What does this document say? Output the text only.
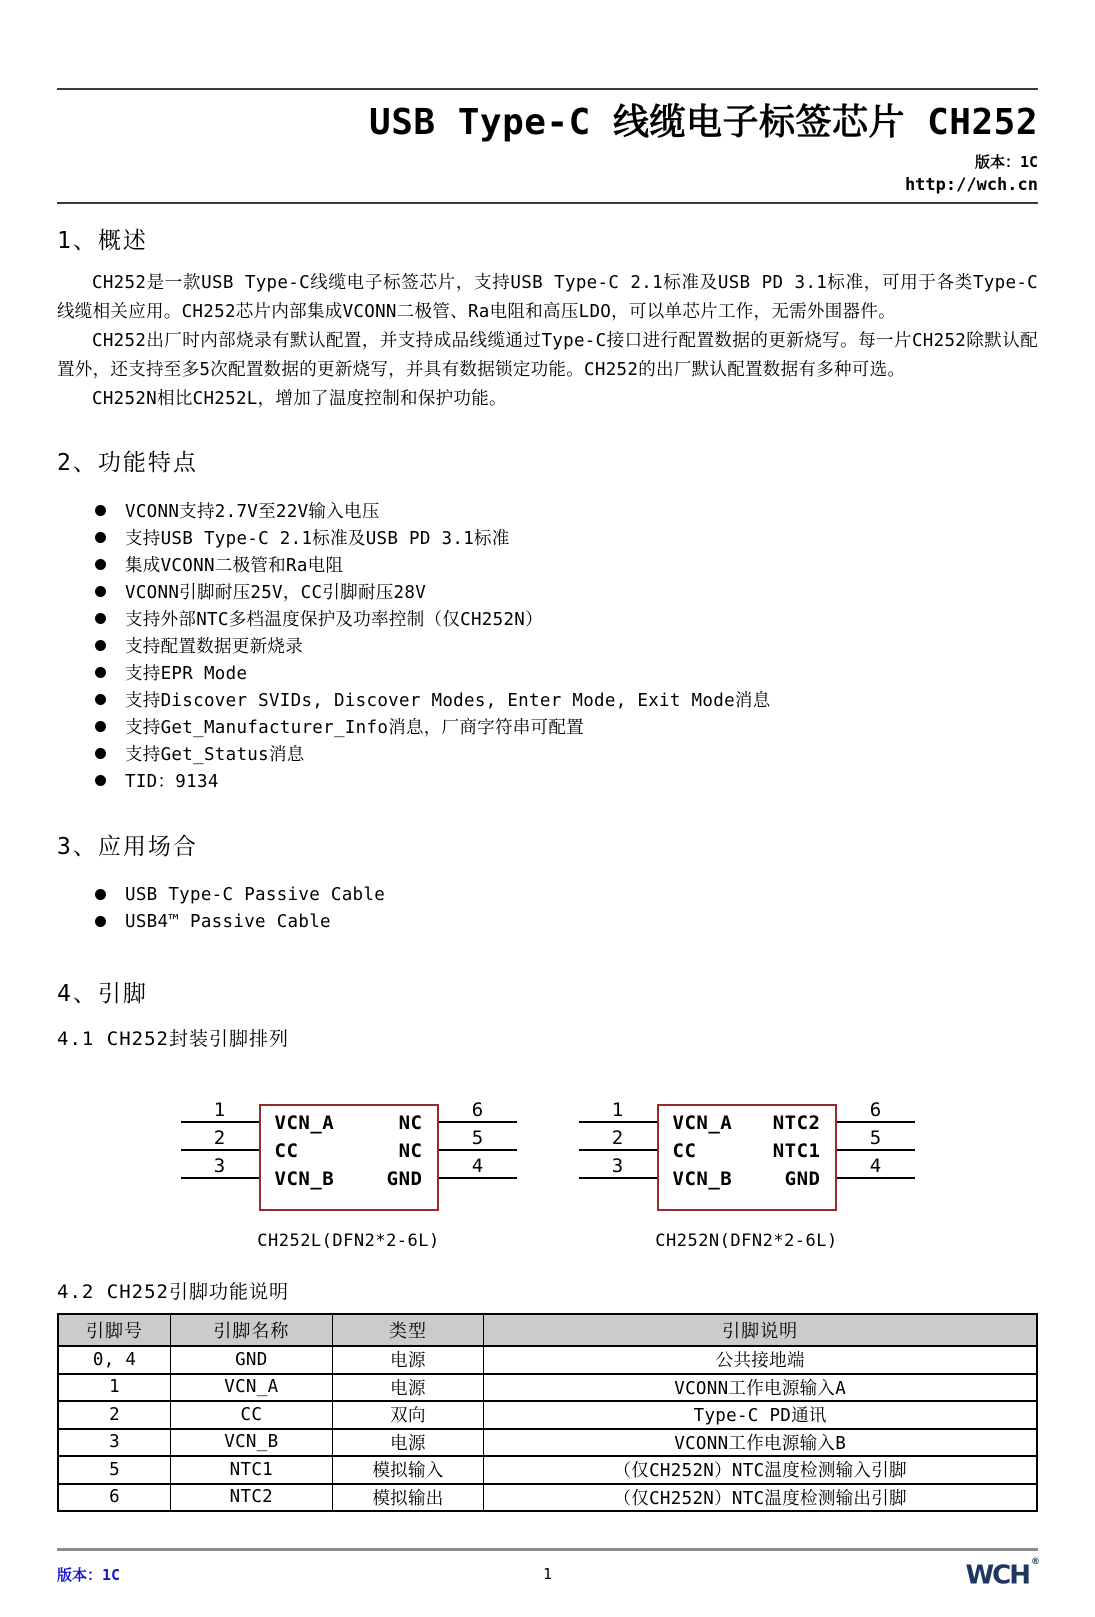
USB Type-C 线缆电子标签芯片 CH252
版本：1C
http://wch.cn
1、概述

CH252是一款USB Type-C线缆电子标签芯片，支持USB Type-C 2.1标准及USB PD 3.1标准，可用于各类Type-C线缆相关应用。CH252芯片内部集成VCONN二极管、Ra电阻和高压LDO，可以单芯片工作，无需外围器件。

CH252出厂时内部烧录有默认配置，并支持成品线缆通过Type-C接口进行配置数据的更新烧写。每一片CH252除默认配置外，还支持至多5次配置数据的更新烧写，并具有数据锁定功能。CH252的出厂默认配置数据有多种可选。

CH252N相比CH252L，增加了温度控制和保护功能。

2、功能特点
VCONN支持2.7V至22V输入电压
支持USB Type-C 2.1标准及USB PD 3.1标准
集成VCONN二极管和Ra电阻
VCONN引脚耐压25V，CC引脚耐压28V
支持外部NTC多档温度保护及功率控制（仅CH252N）
支持配置数据更新烧录
支持EPR Mode
支持Discover SVIDs, Discover Modes, Enter Mode, Exit Mode消息
支持Get_Manufacturer_Info消息，厂商字符串可配置
支持Get_Status消息
TID：9134
3、应用场合
USB Type-C Passive Cable
USB4™ Passive Cable
4、引脚
4.1 CH252封装引脚排列
1
2
3
VCN_A	NC
CC	NC
VCN_B	GND
6
5
4
CH252L(DFN2*2-6L)
1
2
3
VCN_A NTC2
CC	NTC1
VCN_B	GND
6
5
4
CH252N(DFN2*2-6L)
4.2 CH252引脚功能说明
引脚号	引脚名称	类型	引脚说明
0, 4	GND	电源	公共接地端
1	VCN_A	电源	VCONN工作电源输入A
2	CC	双向	Type-C PD通讯
3	VCN_B	电源	VCONN工作电源输入B
5	NTC1	模拟输入	（仅CH252N）NTC温度检测输入引脚
6	NTC2	模拟输出	（仅CH252N）NTC温度检测输出引脚
版本：1C	1	WCH ®
